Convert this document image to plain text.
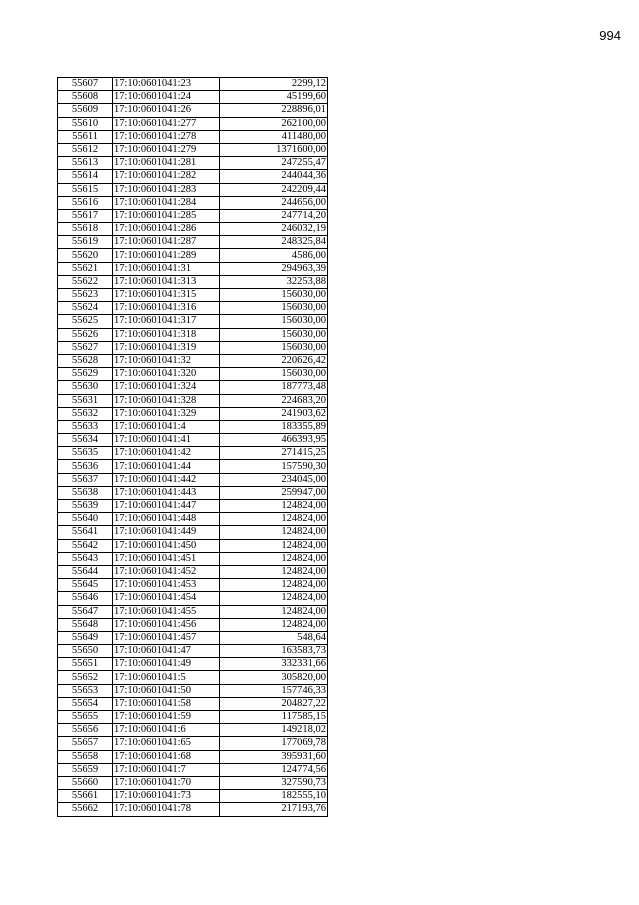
994
55607	17:10:0601041:23	2299,12
55608	17:10:0601041:24	45199,60
55609	17:10:0601041:26	228896,01
55610	17:10:0601041:277	262100,00
55611	17:10:0601041:278	411480,00
55612	17:10:0601041:279	1371600,00
55613	17:10:0601041:281	247255,47
55614	17:10:0601041:282	244044,36
55615	17:10:0601041:283	242209,44
55616	17:10:0601041:284	244656,00
55617	17:10:0601041:285	247714,20
55618	17:10:0601041:286	246032,19
55619	17:10:0601041:287	248325,84
55620	17:10:0601041:289	4586,00
55621	17:10:0601041:31	294963,39
55622	17:10:0601041:313	32253,88
55623	17:10:0601041:315	156030,00
55624	17:10:0601041:316	156030,00
55625	17:10:0601041:317	156030,00
55626	17:10:0601041:318	156030,00
55627	17:10:0601041:319	156030,00
55628	17:10:0601041:32	220626,42
55629	17:10:0601041:320	156030,00
55630	17:10:0601041:324	187773,48
55631	17:10:0601041:328	224683,20
55632	17:10:0601041:329	241903,62
55633	17:10:0601041:4	183355,89
55634	17:10:0601041:41	466393,95
55635	17:10:0601041:42	271415,25
55636	17:10:0601041:44	157590,30
55637	17:10:0601041:442	234045,00
55638	17:10:0601041:443	259947,00
55639	17:10:0601041:447	124824,00
55640	17:10:0601041:448	124824,00
55641	17:10:0601041:449	124824,00
55642	17:10:0601041:450	124824,00
55643	17:10:0601041:451	124824,00
55644	17:10:0601041:452	124824,00
55645	17:10:0601041:453	124824,00
55646	17:10:0601041:454	124824,00
55647	17:10:0601041:455	124824,00
55648	17:10:0601041:456	124824,00
55649	17:10:0601041:457	548,64
55650	17:10:0601041:47	163583,73
55651	17:10:0601041:49	332331,66
55652	17:10:0601041:5	305820,00
55653	17:10:0601041:50	157746,33
55654	17:10:0601041:58	204827,22
55655	17:10:0601041:59	117585,15
55656	17:10:0601041:6	149218,02
55657	17:10:0601041:65	177069,78
55658	17:10:0601041:68	395931,60
55659	17:10:0601041:7	124774,56
55660	17:10:0601041:70	327590,73
55661	17:10:0601041:73	182555,10
55662	17:10:0601041:78	217193,76
